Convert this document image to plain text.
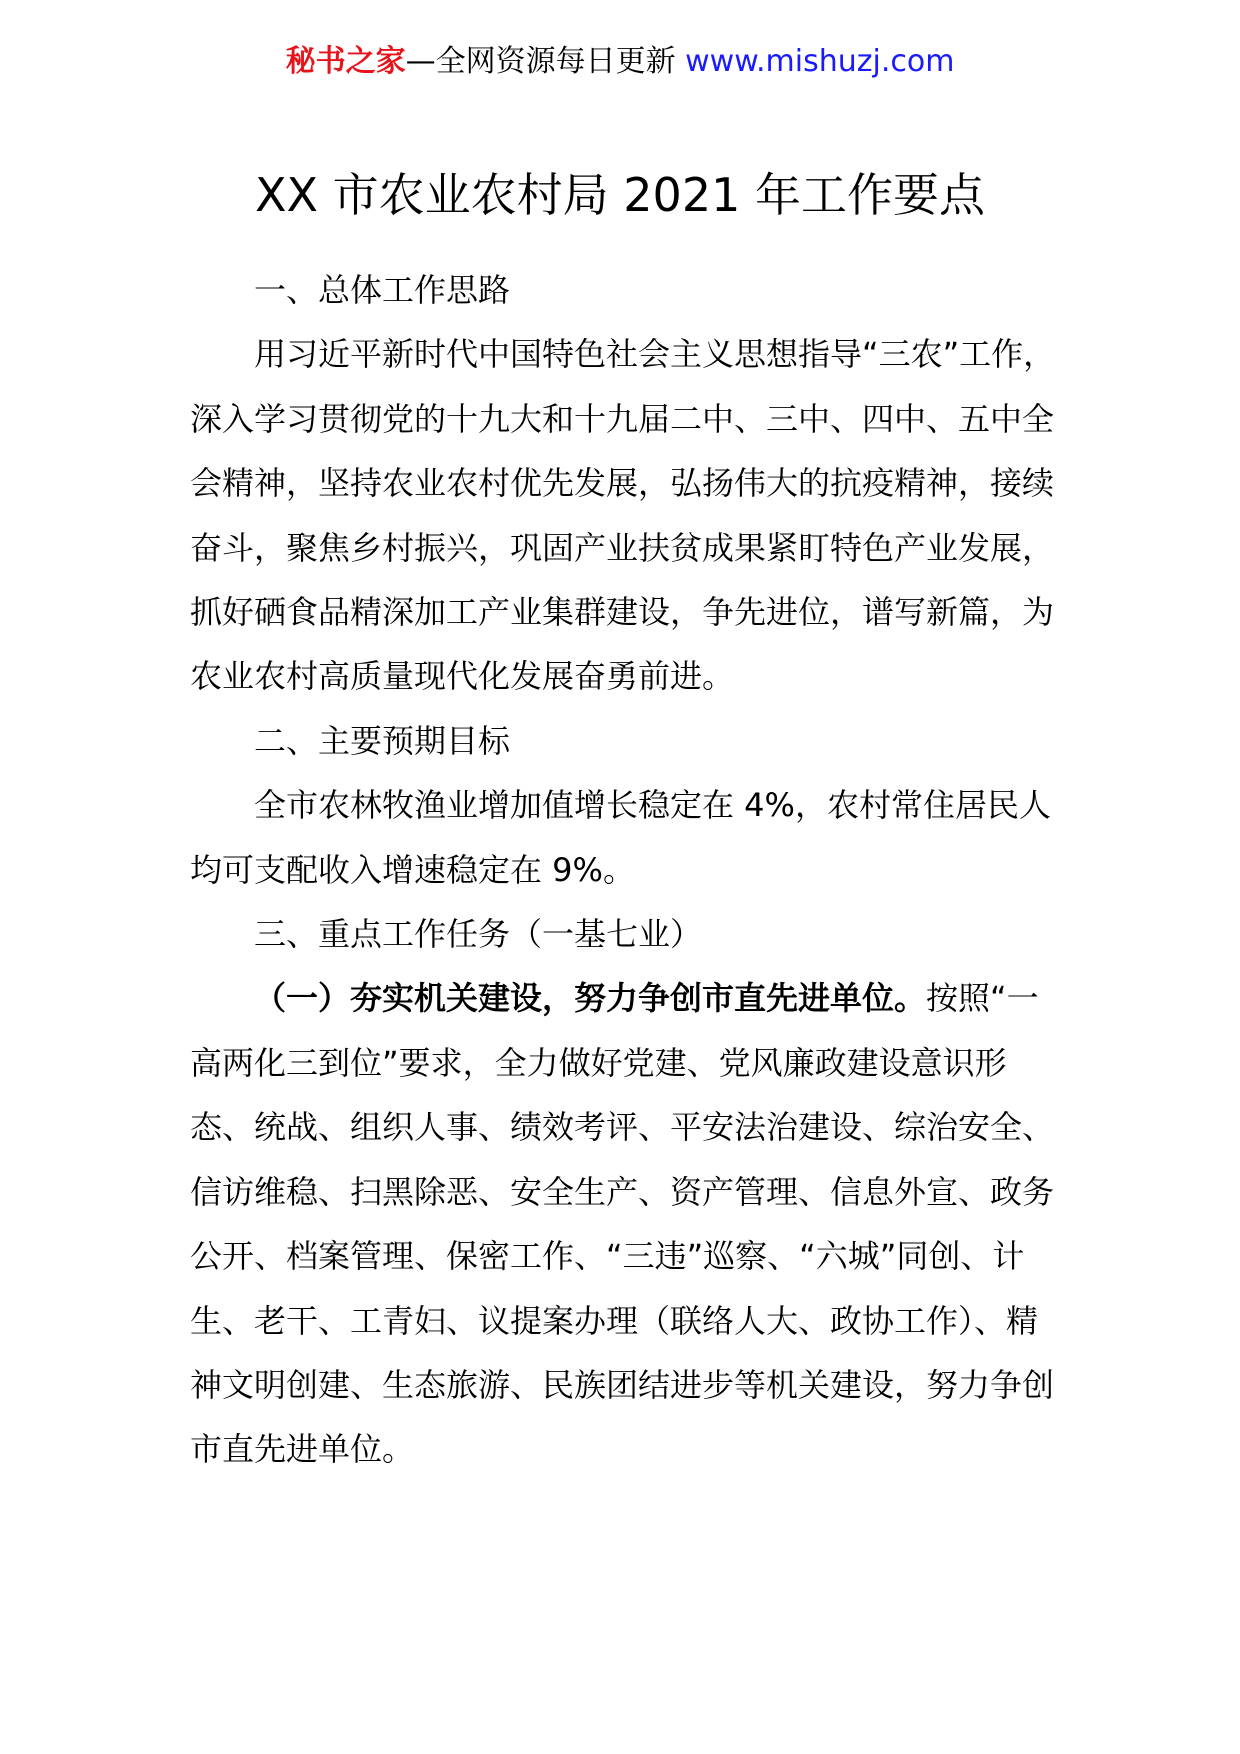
秘书之家—全网资源每日更新 www.mishuzj.com
XX 市农业农村局 2021 年工作要点

一、总体工作思路

用习近平新时代中国特色社会主义思想指导“三农”工作，深入学习贯彻党的十九大和十九届二中、三中、四中、五中全会精神，坚持农业农村优先发展，弘扬伟大的抗疫精神，接续奋斗，聚焦乡村振兴，巩固产业扶贫成果紧盯特色产业发展，抓好硒食品精深加工产业集群建设，争先进位，谱写新篇，为农业农村高质量现代化发展奋勇前进。

二、主要预期目标

全市农林牧渔业增加值增长稳定在 4%，农村常住居民人均可支配收入增速稳定在 9%。

三、重点工作任务（一基七业）

（一）夯实机关建设，努力争创市直先进单位。按照“一高两化三到位”要求，全力做好党建、党风廉政建设意识形态、统战、组织人事、绩效考评、平安法治建设、综治安全、信访维稳、扫黑除恶、安全生产、资产管理、信息外宣、政务公开、档案管理、保密工作、“三违”巡察、“六城”同创、计生、老干、工青妇、议提案办理（联络人大、政协工作）、精神文明创建、生态旅游、民族团结进步等机关建设，努力争创市直先进单位。
